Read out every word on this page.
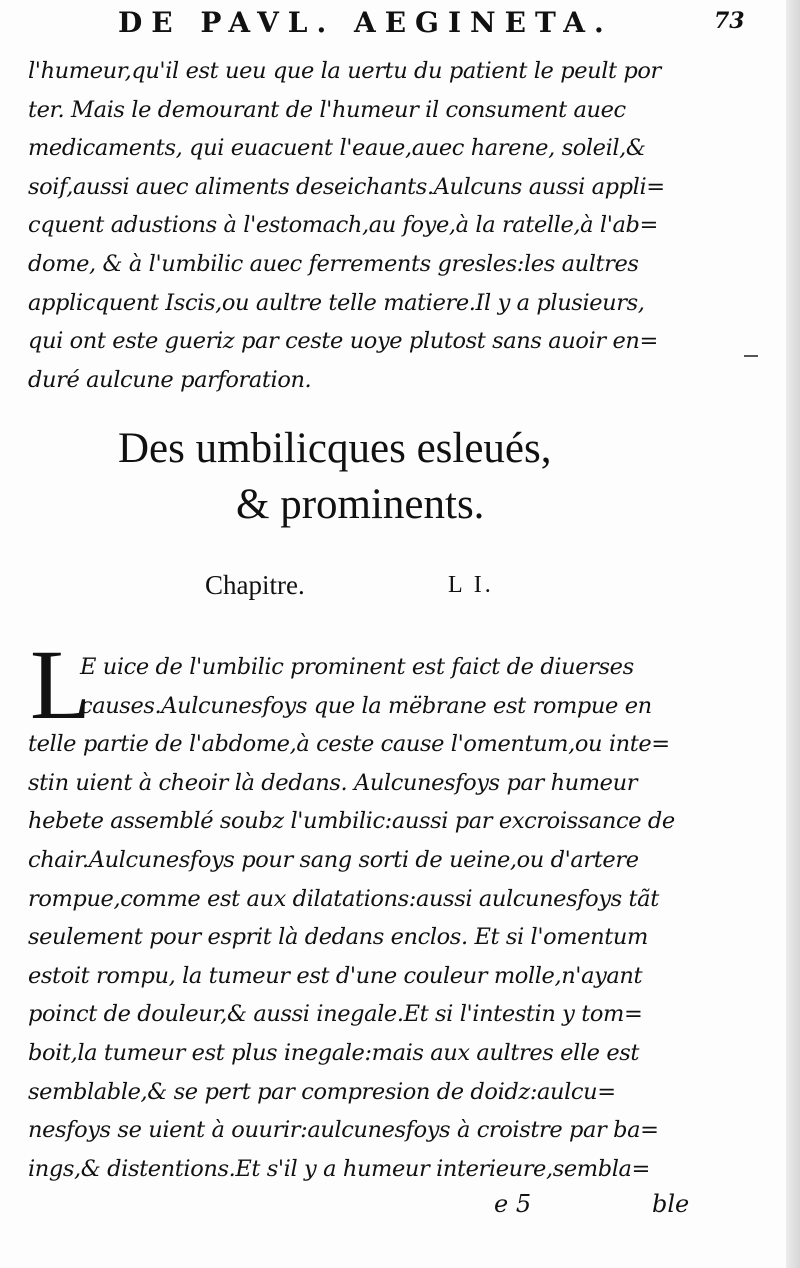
DE PAVL. AEGINETA.	73
l'humeur,qu'il est ueu que la uertu du patient le peult por
ter. Mais le demourant de l'humeur il consument auec
medicaments, qui euacuent l'eaue,auec harene, soleil,&
soif,aussi auec aliments deseichants.Aulcuns aussi appli=
cquent adustions à l'estomach,au foye,à la ratelle,à l'ab=
dome, & à l'umbilic auec ferrements gresles:les aultres
applicquent Iscis,ou aultre telle matiere.Il y a plusieurs,
qui ont este gueriz par ceste uoye plutost sans auoir en=
duré aulcune parforation.
Des umbilicques esleués,
& prominents.
Chapitre.	L I.
L
E uice de l'umbilic prominent est faict de diuerses
causes.Aulcunesfoys que la mëbrane est rompue en
telle partie de l'abdome,à ceste cause l'omentum,ou inte=
stin uient à cheoir là dedans. Aulcunesfoys par humeur
hebete assemblé soubz l'umbilic:aussi par excroissance de
chair.Aulcunesfoys pour sang sorti de ueine,ou d'artere
rompue,comme est aux dilatations:aussi aulcunesfoys tãt
seulement pour esprit là dedans enclos. Et si l'omentum
estoit rompu, la tumeur est d'une couleur molle,n'ayant
poinct de douleur,& aussi inegale.Et si l'intestin y tom=
boit,la tumeur est plus inegale:mais aux aultres elle est
semblable,& se pert par compresion de doidz:aulcu=
nesfoys se uient à ouurir:aulcunesfoys à croistre par ba=
ings,& distentions.Et s'il y a humeur interieure,sembla=
e 5	ble
